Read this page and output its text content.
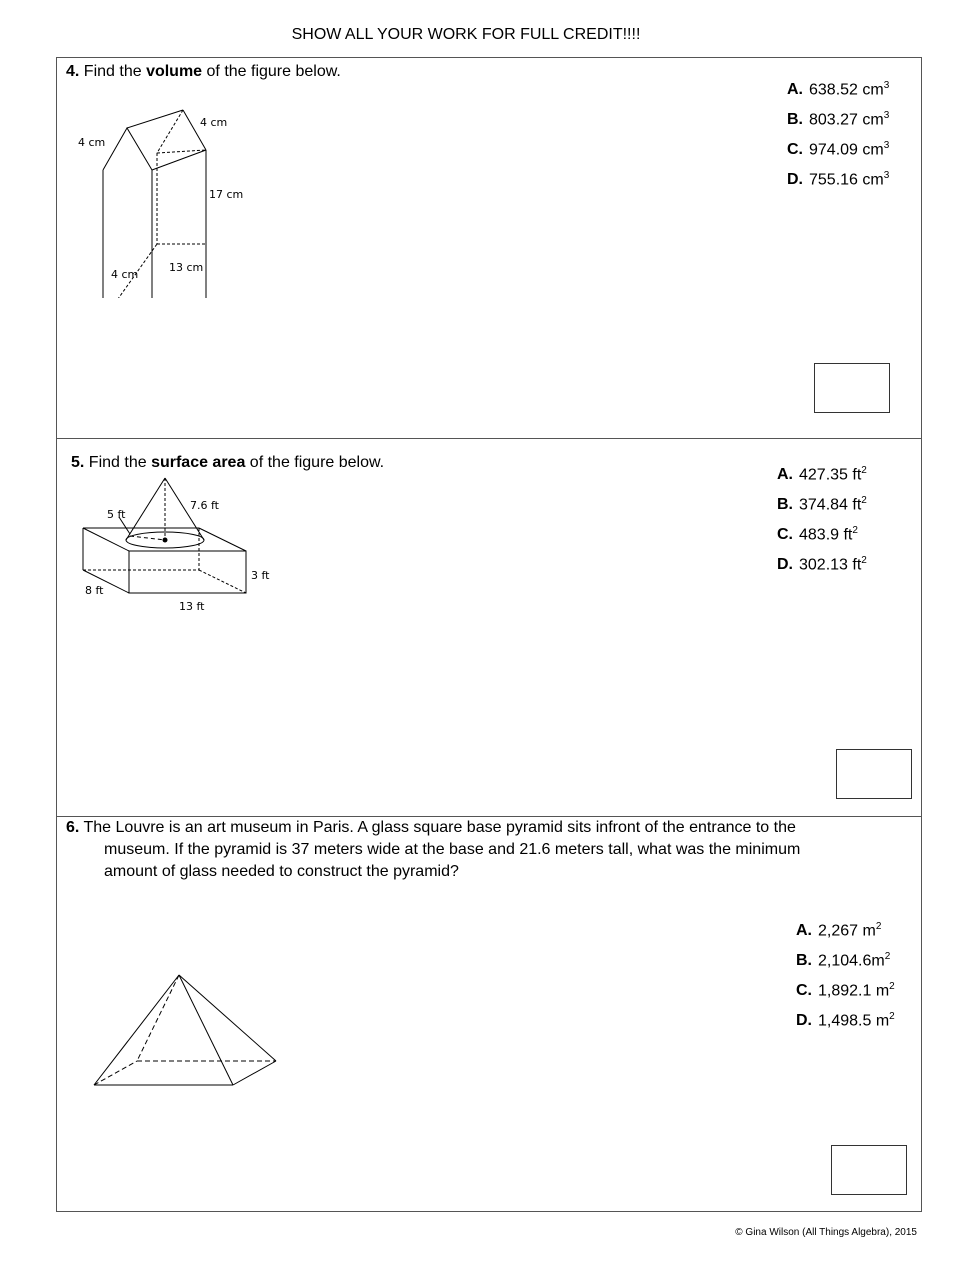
SHOW ALL YOUR WORK FOR FULL CREDIT!!!!
4. Find the volume of the figure below.
4 cm
4 cm
17 cm
4 cm
13 cm
A. 638.52 $cm^3$
B. 803.27 $cm^3$
C. 974.09 $cm^3$
D. 755.16 $cm^3$
5. Find the surface area of the figure below.
5 ft
7.6 ft
3 ft
8 ft
13 ft
A. 427.35 $ft^2$
B. 374.84 $ft^2$
C. 483.9 $ft^2$
D. 302.13 $ft^2$
6. The Louvre is an art museum in Paris. A glass square base pyramid sits infront of the entrance to the
museum. If the pyramid is 37 meters wide at the base and 21.6 meters tall, what was the minimum
amount of glass needed to construct the pyramid?
A. 2,267 $m^2$
B. $2,104.6m^2$
C. 1,892.1 $m^2$
D. 1,498.5 $m^2$
© Gina Wilson (All Things Algebra), 2015
